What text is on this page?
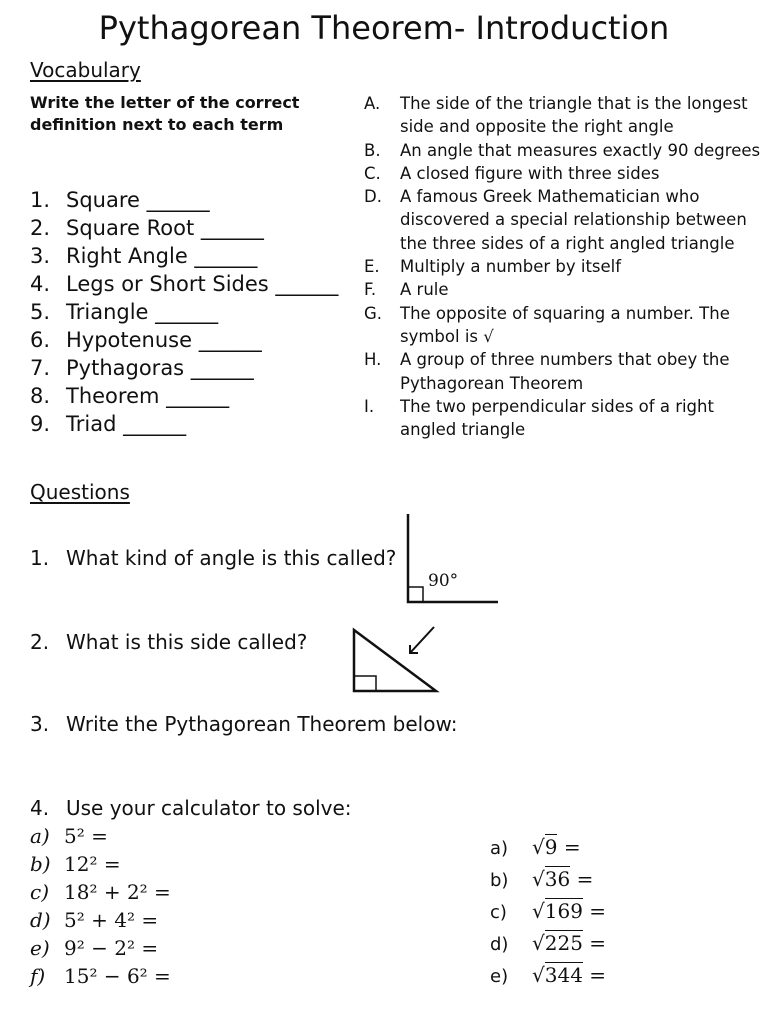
Pythagorean Theorem- Introduction
Vocabulary
Write the letter of the correct definition next to each term
1. Square ______
2. Square Root ______
3. Right Angle ______
4. Legs or Short Sides ______
5. Triangle ______
6. Hypotenuse ______
7. Pythagoras ______
8. Theorem ______
9. Triad ______
A.	The side of the triangle that is the longest side and opposite the right angle
B.	An angle that measures exactly 90 degrees
C.	A closed figure with three sides
D.	A famous Greek Mathematician who discovered a special relationship between the three sides of a right angled triangle
E.	Multiply a number by itself
F.	A rule
G.	The opposite of squaring a number. The symbol is √
H.	A group of three numbers that obey the Pythagorean Theorem
I.	The two perpendicular sides of a right angled triangle
Questions
1. What kind of angle is this called?
90°
2. What is this side called?
3. Write the Pythagorean Theorem below:
4. Use your calculator to solve:
a) 5² =
b) 12² =
c) 18² + 2² =
d) 5² + 4² =
e) 9² − 2² =
f) 15² − 6² =
a) √9 =
b) √36 =
c) √169 =
d) √225 =
e) √344 =
